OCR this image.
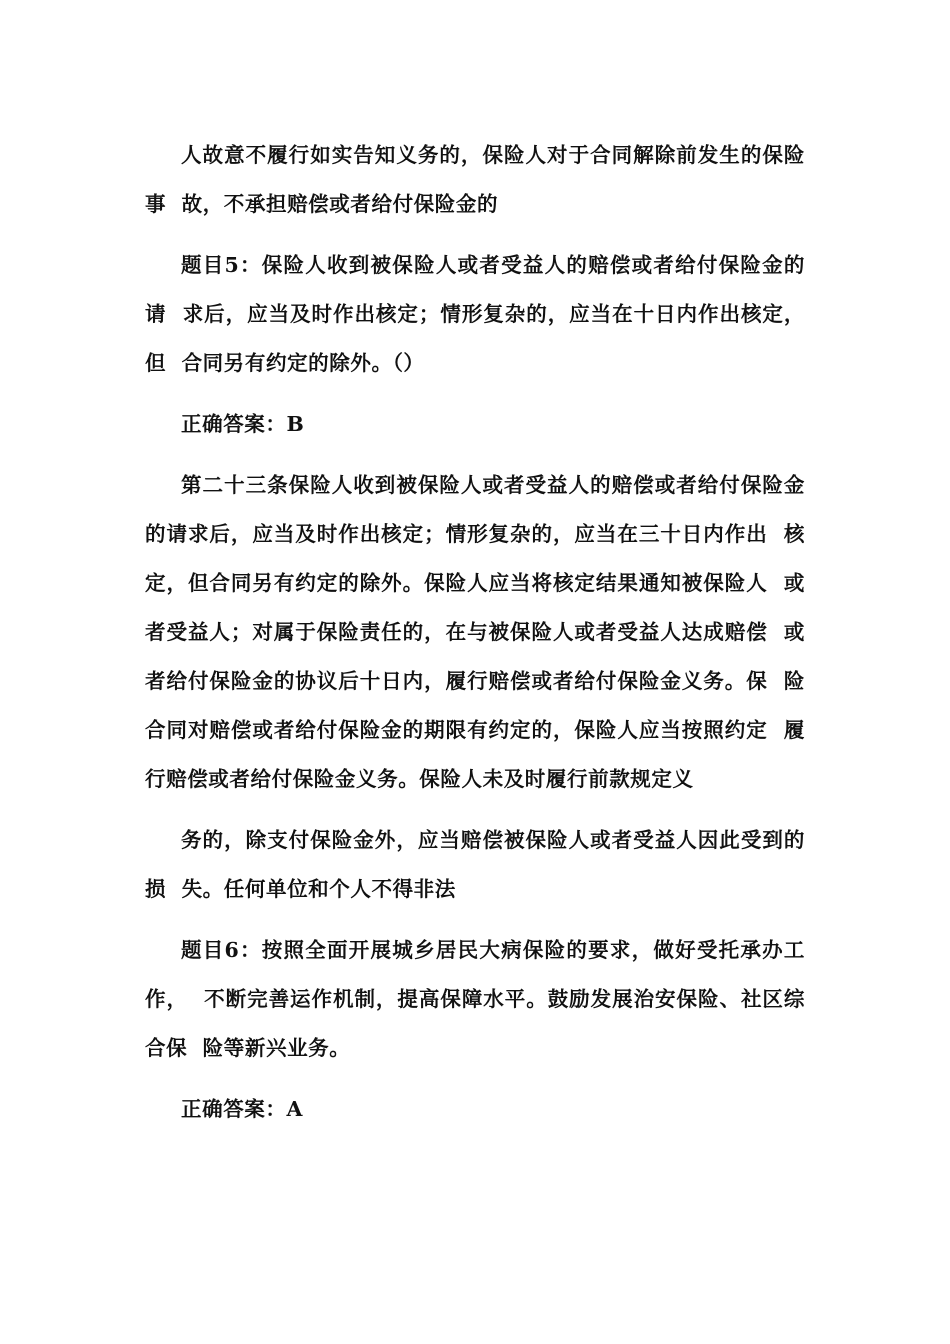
人故意不履行如实告知义务的，保险人对于合同解除前发生的保险事  故，不承担赔偿或者给付保险金的

题目5：保险人收到被保险人或者受益人的赔偿或者给付保险金的请  求后，应当及时作出核定；情形复杂的，应当在十日内作出核定，但  合同另有约定的除外。（）

正确答案：B

第二十三条保险人收到被保险人或者受益人的赔偿或者给付保险金的请求后，应当及时作出核定；情形复杂的，应当在三十日内作出  核定，但合同另有约定的除外。保险人应当将核定结果通知被保险人  或者受益人；对属于保险责任的，在与被保险人或者受益人达成赔偿  或者给付保险金的协议后十日内，履行赔偿或者给付保险金义务。保  险合同对赔偿或者给付保险金的期限有约定的，保险人应当按照约定  履行赔偿或者给付保险金义务。保险人未及时履行前款规定义

务的，除支付保险金外，应当赔偿被保险人或者受益人因此受到的损  失。任何单位和个人不得非法

题目6：按照全面开展城乡居民大病保险的要求，做好受托承办工作，  不断完善运作机制，提高保障水平。鼓励发展治安保险、社区综合保  险等新兴业务。

正确答案：A
